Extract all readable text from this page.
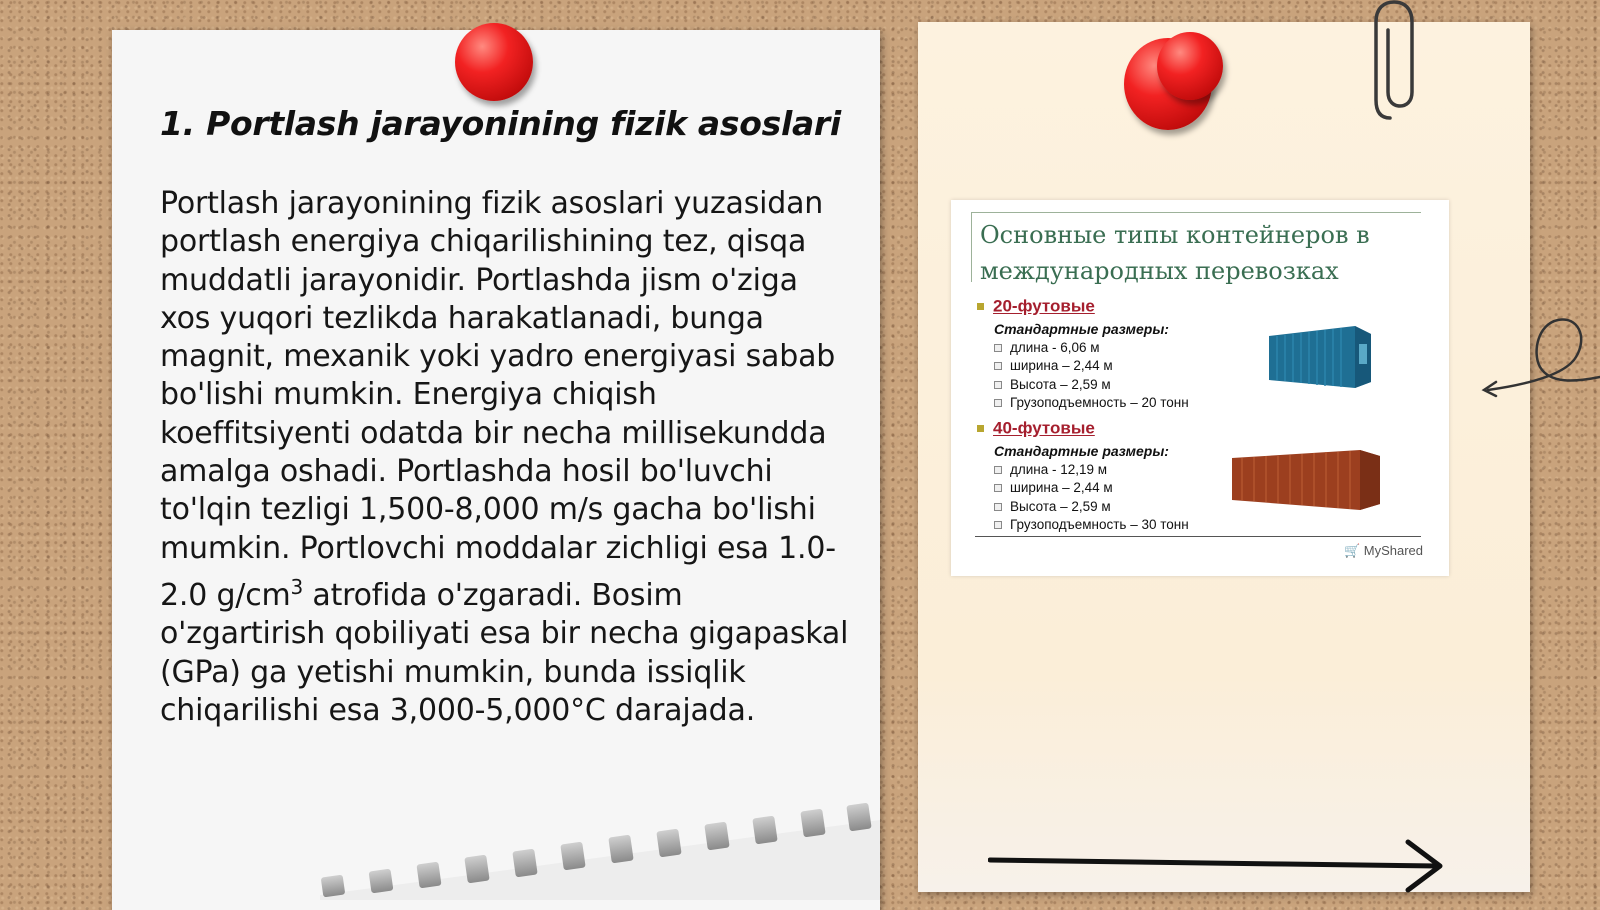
1. Portlash jarayonining fizik asoslari

Portlash jarayonining fizik asoslari yuzasidan portlash energiya chiqarilishining tez, qisqa muddatli jarayonidir. Portlashda jism o'ziga xos yuqori tezlikda harakatlanadi, bunga magnit, mexanik yoki yadro energiyasi sabab bo'lishi mumkin. Energiya chiqish koeffitsiyenti odatda bir necha millisekundda amalga oshadi. Portlashda hosil bo'luvchi to'lqin tezligi 1,500-8,000 m/s gacha bo'lishi mumkin. Portlovchi moddalar zichligi esa 1.0-2.0 $g/cm^3$ atrofida o'zgaradi. Bosim o'zgartirish qobiliyati esa bir necha gigapaskal (GPa) ga yetishi mumkin, bunda issiqlik chiqarilishi esa 3,000-5,000°C darajada.

Основные типы контейнеров в международных перевозках
20-футовые
Стандартные размеры:
длина - 6,06 м
ширина – 2,44 м
Высота – 2,59 м
Грузоподъемность – 20 тонн
40-футовые
Стандартные размеры:
длина - 12,19 м
ширина – 2,44 м
Высота – 2,59 м
Грузоподъемность – 30 тонн
🛒 MyShared
